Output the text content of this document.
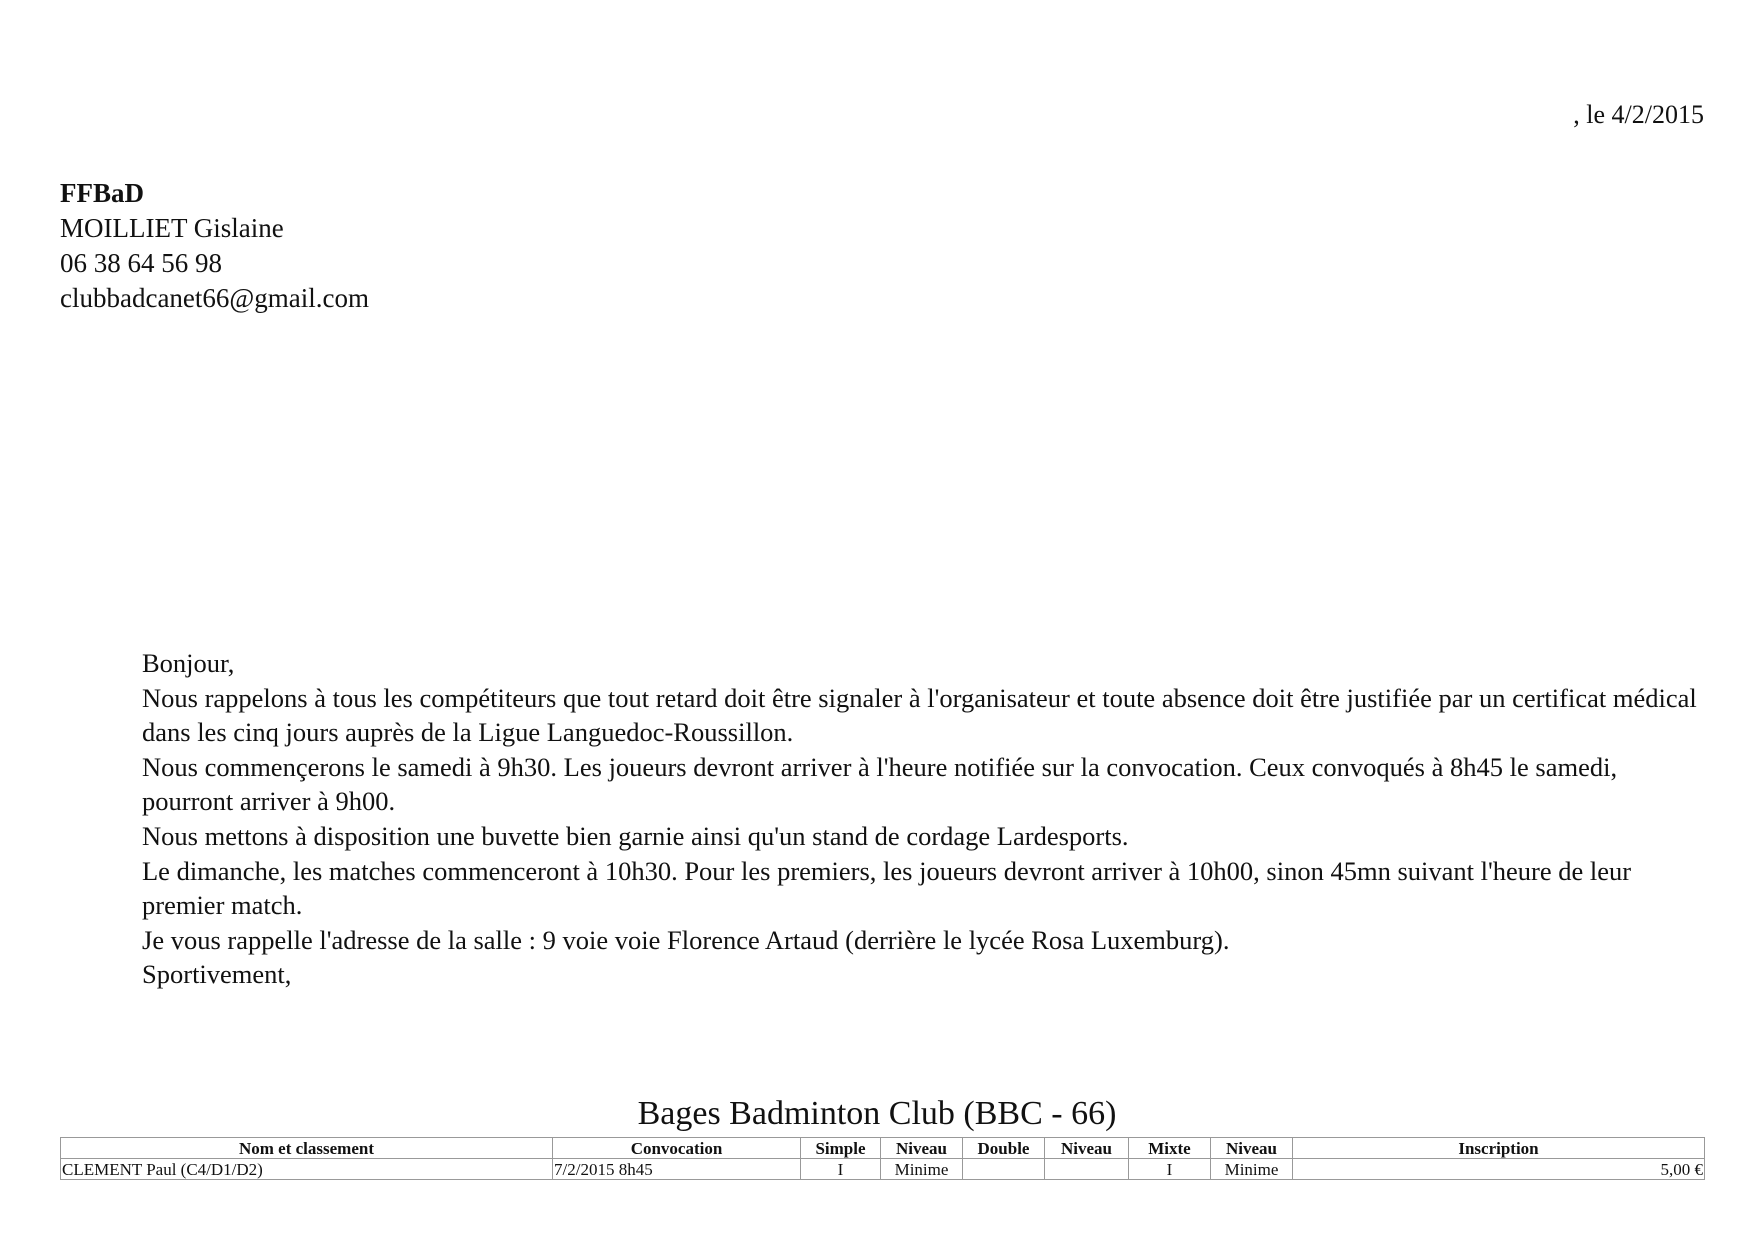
, le 4/2/2015
FFBaD
MOILLIET Gislaine
06 38 64 56 98
clubbadcanet66@gmail.com

Bonjour,

Nous rappelons à tous les compétiteurs que tout retard doit être signaler à l'organisateur et toute absence doit être justifiée par un certificat médical dans les cinq jours auprès de la Ligue Languedoc-Roussillon.

Nous commençerons le samedi à 9h30. Les joueurs devront arriver à l'heure notifiée sur la convocation. Ceux convoqués à 8h45 le samedi, pourront arriver à 9h00.

Nous mettons à disposition une buvette bien garnie ainsi qu'un stand de cordage Lardesports.

Le dimanche, les matches commenceront à 10h30. Pour les premiers, les joueurs devront arriver à 10h00, sinon 45mn suivant l'heure de leur premier match.

Je vous rappelle l'adresse de la salle : 9 voie voie Florence Artaud (derrière le lycée Rosa Luxemburg).

Sportivement,

Bages Badminton Club (BBC - 66)
Nom et classement	Convocation	Simple	Niveau	Double	Niveau	Mixte	Niveau	Inscription
CLEMENT Paul (C4/D1/D2)	7/2/2015 8h45	I	Minime			I	Minime	5,00 €
